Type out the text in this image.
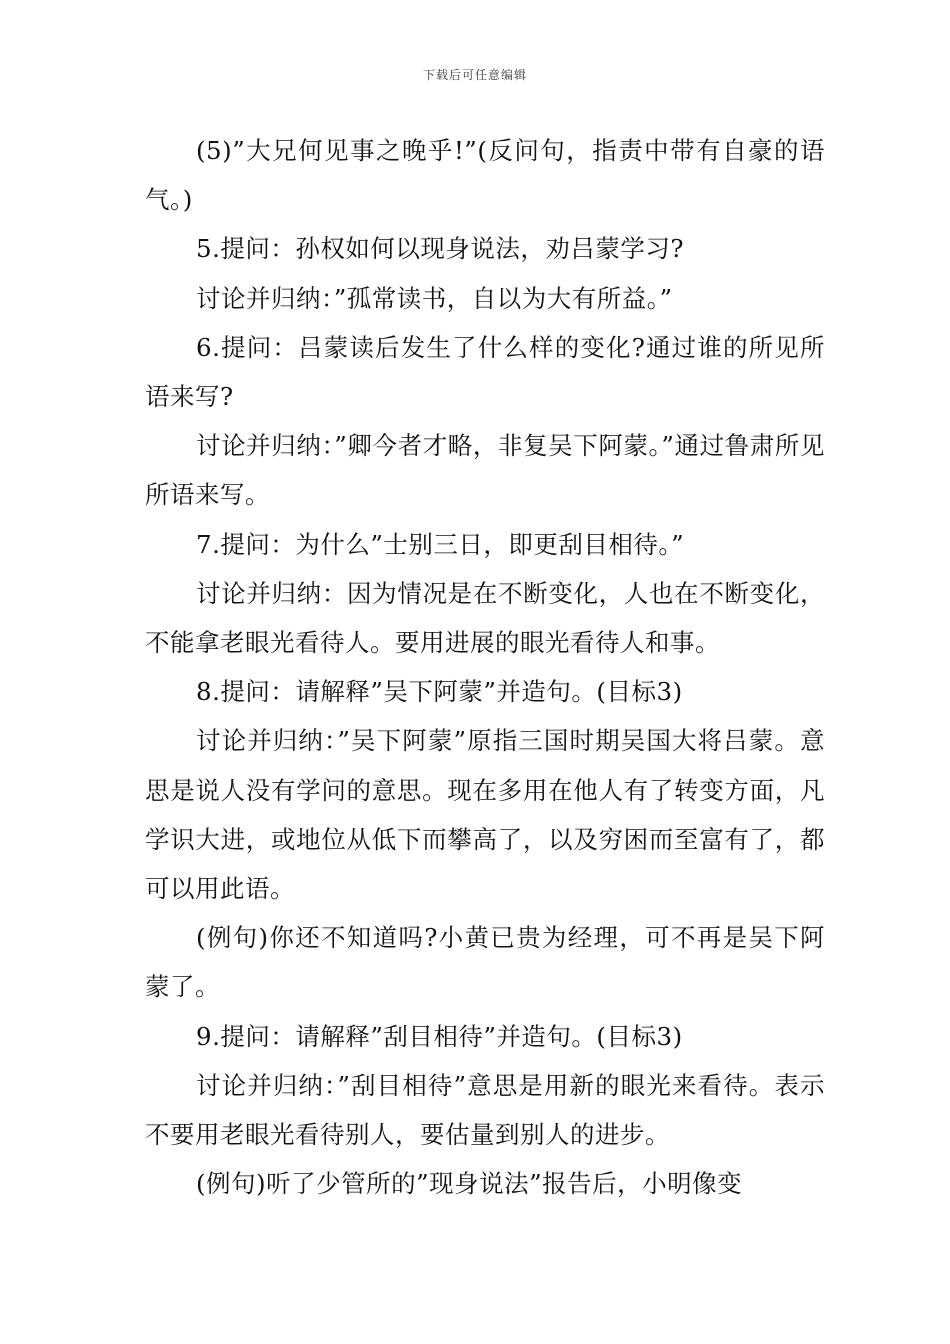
下载后可任意编辑

(5)”大兄何见事之晚乎!”(反问句，指责中带有自豪的语气。)

5.提问：孙权如何以现身说法，劝吕蒙学习?

讨论并归纳：”孤常读书，自以为大有所益。”

6.提问：吕蒙读后发生了什么样的变化?通过谁的所见所语来写?

讨论并归纳：”卿今者才略，非复吴下阿蒙。”通过鲁肃所见所语来写。

7.提问：为什么”士别三日，即更刮目相待。”

讨论并归纳：因为情况是在不断变化，人也在不断变化，不能拿老眼光看待人。要用进展的眼光看待人和事。

8.提问：请解释”吴下阿蒙”并造句。(目标3)

讨论并归纳：”吴下阿蒙”原指三国时期吴国大将吕蒙。意思是说人没有学问的意思。现在多用在他人有了转变方面，凡学识大进，或地位从低下而攀高了，以及穷困而至富有了，都可以用此语。

(例句)你还不知道吗?小黄已贵为经理，可不再是吴下阿蒙了。

9.提问：请解释”刮目相待”并造句。(目标3)

讨论并归纳：”刮目相待”意思是用新的眼光来看待。表示不要用老眼光看待别人，要估量到别人的进步。

(例句)听了少管所的”现身说法”报告后，小明像变
